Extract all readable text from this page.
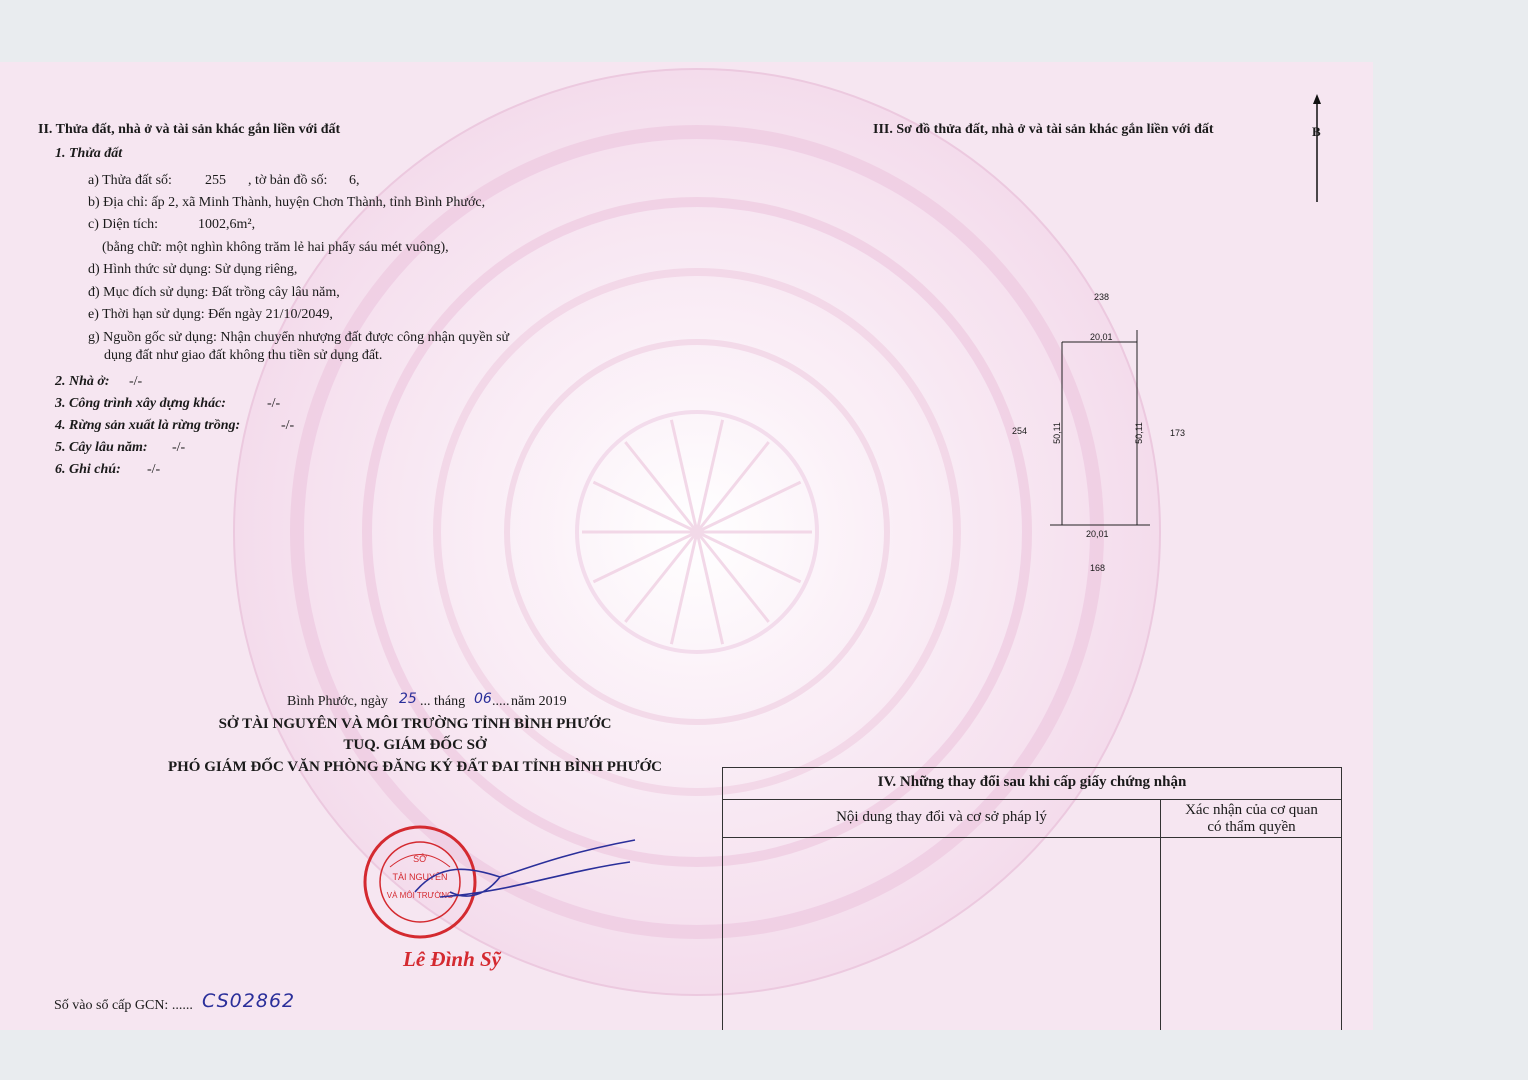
II. Thửa đất, nhà ở và tài sản khác gắn liền với đất
1. Thửa đất
a) Thửa đất số: 255 , tờ bản đồ số: 6,
b) Địa chỉ: ấp 2, xã Minh Thành, huyện Chơn Thành, tỉnh Bình Phước,
c) Diện tích:	1002,6m²,
(bằng chữ: một nghìn không trăm lẻ hai phẩy sáu mét vuông),
d) Hình thức sử dụng: Sử dụng riêng,
đ) Mục đích sử dụng: Đất trồng cây lâu năm,
e) Thời hạn sử dụng: Đến ngày 21/10/2049,
g) Nguồn gốc sử dụng: Nhận chuyển nhượng đất được công nhận quyền sử
dụng đất như giao đất không thu tiền sử dụng đất.
2. Nhà ở: -/-
3. Công trình xây dựng khác:	-/-
4. Rừng sản xuất là rừng trồng:	-/-
5. Cây lâu năm: -/-
6. Ghi chú: -/-
III. Sơ đồ thửa đất, nhà ở và tài sản khác gắn liền với đất	B
238
20,01
254	50,11	50,11	173
20,01
168
Bình Phước, ngày 25 ... tháng 06 ..... năm 2019
SỞ TÀI NGUYÊN VÀ MÔI TRƯỜNG TỈNH BÌNH PHƯỚC
TUQ. GIÁM ĐỐC SỞ
PHÓ GIÁM ĐỐC VĂN PHÒNG ĐĂNG KÝ ĐẤT ĐAI TỈNH BÌNH PHƯỚC
SỞ
TÀI NGUYÊN
VÀ MÔI TRƯỜNG
Lê Đình Sỹ
IV. Những thay đổi sau khi cấp giấy chứng nhận
Nội dung thay đổi và cơ sở pháp lý	Xác nhận của cơ quan
có thẩm quyền
Số vào sổ cấp GCN: ...... CS02862
